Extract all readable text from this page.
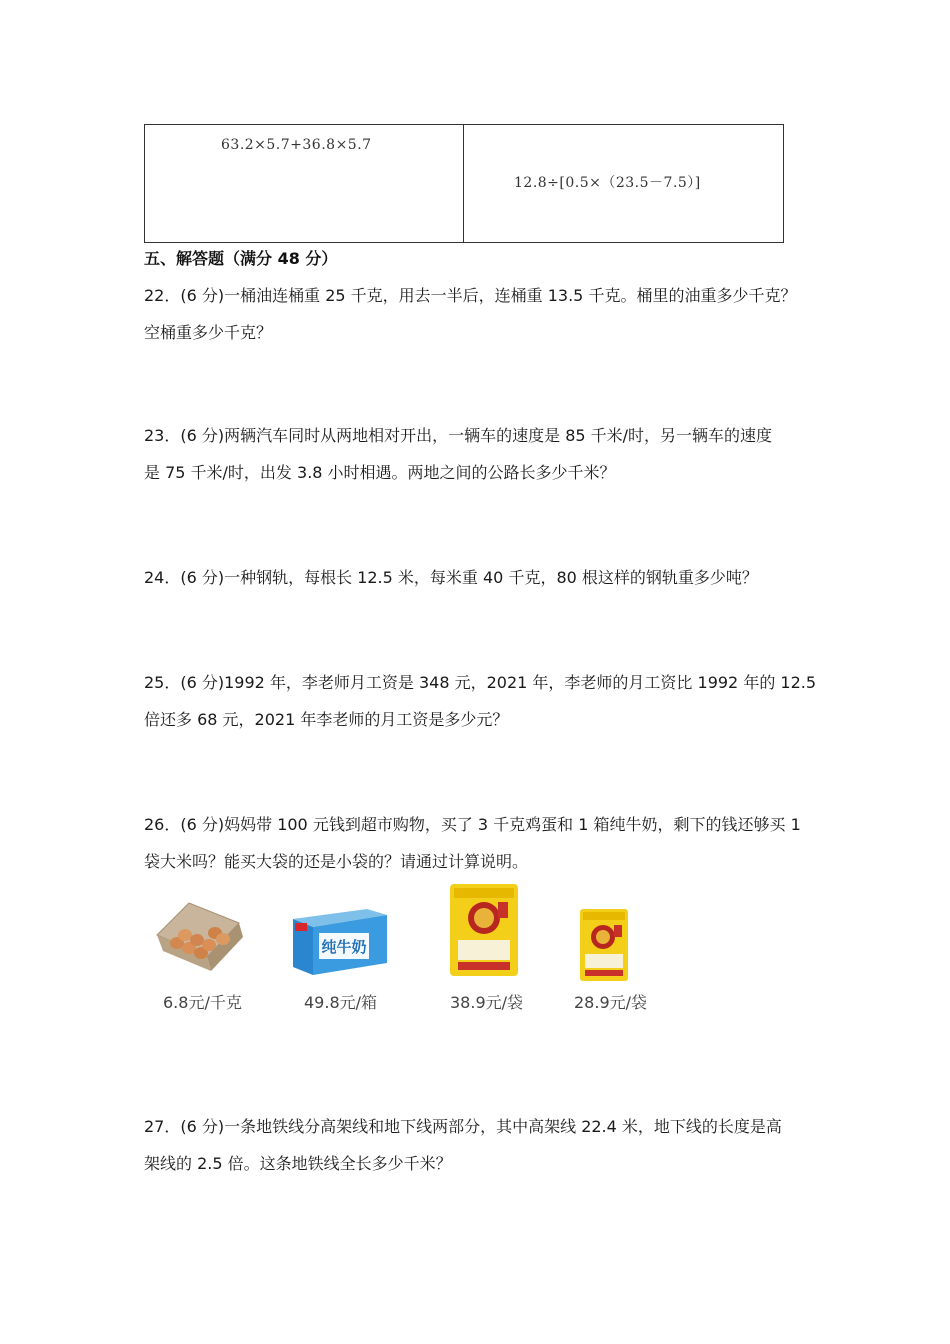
63.2×5.7+36.8×5.7
12.8÷[0.5×（23.5－7.5）]
五、解答题（满分 48 分）
22．(6 分)一桶油连桶重 25 千克，用去一半后，连桶重 13.5 千克。桶里的油重多少千克？
空桶重多少千克？
23．(6 分)两辆汽车同时从两地相对开出，一辆车的速度是 85 千米/时，另一辆车的速度
是 75 千米/时，出发 3.8 小时相遇。两地之间的公路长多少千米？
24．(6 分)一种钢轨，每根长 12.5 米，每米重 40 千克，80 根这样的钢轨重多少吨？
25．(6 分)1992 年，李老师月工资是 348 元，2021 年，李老师的月工资比 1992 年的 12.5
倍还多 68 元，2021 年李老师的月工资是多少元？
26．(6 分)妈妈带 100 元钱到超市购物，买了 3 千克鸡蛋和 1 箱纯牛奶，剩下的钱还够买 1
袋大米吗？能买大袋的还是小袋的？请通过计算说明。
6.8元/千克
纯牛奶
49.8元/箱	38.9元/袋	28.9元/袋
27．(6 分)一条地铁线分高架线和地下线两部分，其中高架线 22.4 米，地下线的长度是高
架线的 2.5 倍。这条地铁线全长多少千米？
